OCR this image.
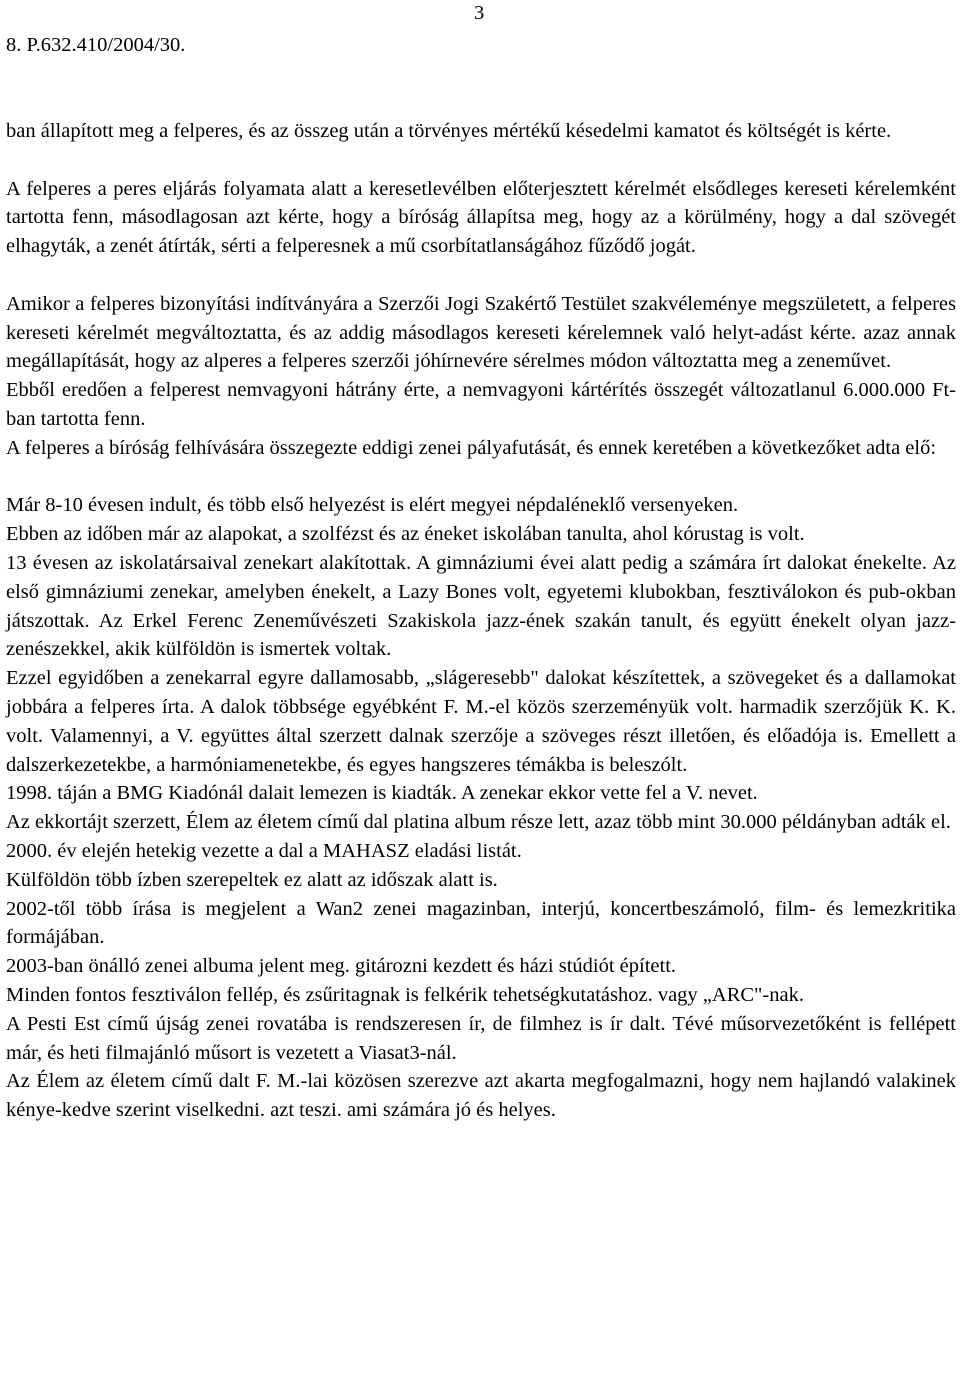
3
8. P.632.410/2004/30.

ban állapított meg a felperes, és az összeg után a törvényes mértékű késedelmi kamatot és költségét is kérte.

A felperes a peres eljárás folyamata alatt a keresetlevélben előterjesztett kérelmét elsődleges kereseti kérelemként tartotta fenn, másodlagosan azt kérte, hogy a bíróság állapítsa meg, hogy az a körülmény, hogy a dal szövegét elhagyták, a zenét átírták, sérti a felperesnek a mű csorbítatlanságához fűződő jogát.

Amikor a felperes bizonyítási indítványára a Szerzői Jogi Szakértő Testület szakvéleménye megszületett, a felperes kereseti kérelmét megváltoztatta, és az addig másodlagos kereseti kérelemnek való helyt-adást kérte. azaz annak megállapítását, hogy az alperes a felperes szerzői jóhírnevére sérelmes módon változtatta meg a zeneművet.

Ebből eredően a felperest nemvagyoni hátrány érte, a nemvagyoni kártérítés összegét változatlanul 6.000.000 Ft-ban tartotta fenn.

A felperes a bíróság felhívására összegezte eddigi zenei pályafutását, és ennek keretében a következőket adta elő:

Már 8-10 évesen indult, és több első helyezést is elért megyei népdaléneklő versenyeken.

Ebben az időben már az alapokat, a szolfézst és az éneket iskolában tanulta, ahol kórustag is volt.

13 évesen az iskolatársaival zenekart alakítottak. A gimnáziumi évei alatt pedig a számára írt dalokat énekelte. Az első gimnáziumi zenekar, amelyben énekelt, a Lazy Bones volt, egyetemi klubokban, fesztiválokon és pub-okban játszottak. Az Erkel Ferenc Zeneművészeti Szakiskola jazz-ének szakán tanult, és együtt énekelt olyan jazz-zenészekkel, akik külföldön is ismertek voltak.

Ezzel egyidőben a zenekarral egyre dallamosabb, „slágeresebb" dalokat készítettek, a szövegeket és a dallamokat jobbára a felperes írta. A dalok többsége egyébként F. M.-el közös szerzeményük volt. harmadik szerzőjük K. K. volt. Valamennyi, a V. együttes által szerzett dalnak szerzője a szöveges részt illetően, és előadója is. Emellett a dalszerkezetekbe, a harmóniamenetekbe, és egyes hangszeres témákba is beleszólt.

1998. táján a BMG Kiadónál dalait lemezen is kiadták. A zenekar ekkor vette fel a V. nevet.

Az ekkortájt szerzett, Élem az életem című dal platina album része lett, azaz több mint 30.000 példányban adták el.

2000. év elején hetekig vezette a dal a MAHASZ eladási listát.

Külföldön több ízben szerepeltek ez alatt az időszak alatt is.

2002-től több írása is megjelent a Wan2 zenei magazinban, interjú, koncertbeszámoló, film- és lemezkritika formájában.

2003-ban önálló zenei albuma jelent meg. gitározni kezdett és házi stúdiót épített.

Minden fontos fesztiválon fellép, és zsűritagnak is felkérik tehetségkutatáshoz. vagy „ARC"-nak.

A Pesti Est című újság zenei rovatába is rendszeresen ír, de filmhez is ír dalt. Tévé műsorvezetőként is fellépett már, és heti filmajánló műsort is vezetett a Viasat3-nál.

Az Élem az életem című dalt F. M.-lai közösen szerezve azt akarta megfogalmazni, hogy nem hajlandó valakinek kénye-kedve szerint viselkedni. azt teszi. ami számára jó és helyes.
